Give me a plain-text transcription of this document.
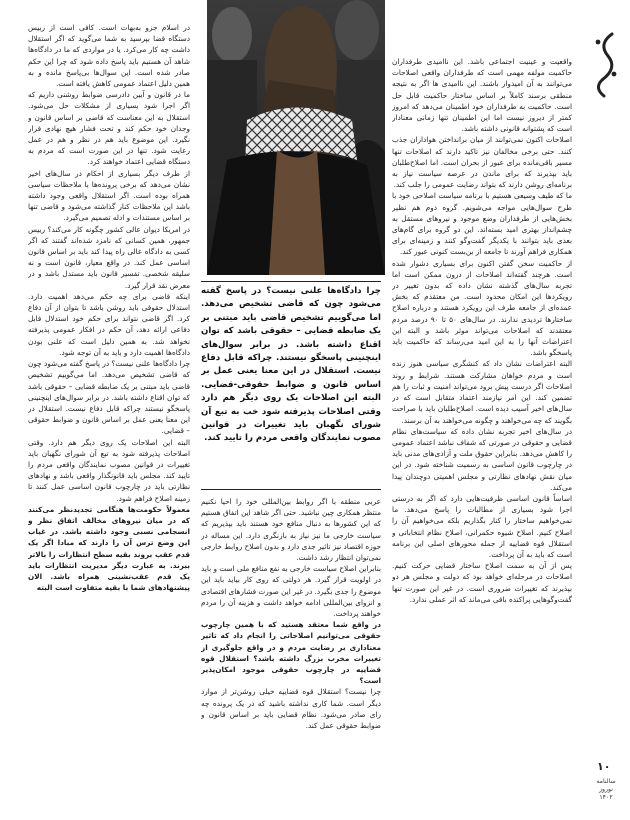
چرا دادگاه‌ها علنی نیست؟ در پاسخ گفته می‌شود چون که قاضی تشخیص می‌دهد. اما می‌گوییم تشخیص قاضی باید مبتنی بر یک ضابطه قضایی – حقوقی باشد که توان اقناع داشته باشد. در برابر سوال‌های اینچنینی پاسخگو نیستند. چراکه قابل دفاع نیست. استقلال در این معنا یعنی عمل بر اساس قانون و ضوابط حقوقی-قضایی. البته این اصلاحات یک روی دیگر هم دارد وقتی اصلاحات پذیرفته شود خب به تبع آن شورای نگهبان باید تغییرات در قوانین مصوب نمایندگان واقعی مردم را تایید کند.

واقعیت و عینیت اجتماعی باشد. این ناامیدی طرفداران حاکمیت مولفه مهمی است که طرفداران واقعی اصلاحات می‌توانند به آن امیدوار باشند. این ناامیدی ها اگر به نتیجه منطقی برسند کاملاً بر اساس ساختار حاکمیت قابل حل است. حاکمیت به طرفداران خود اطمینان می‌دهد که امروز کمتر از دیروز نیست اما این اطمینان تنها زمانی معنادار است که پشتوانه قانونی داشته باشد.

اصلاحات اکنون نمی‌توانند از میان برانداختن هواداران جذب کنند. حتی برخی مخالفان نیز تاکید دارند که اصلاحات تنها مسیر باقی‌مانده برای عبور از بحران است. اما اصلاح‌طلبان باید بپذیرند که برای ماندن در عرصه سیاست نیاز به برنامه‌ای روشن دارند که بتواند رضایت عمومی را جلب کند.

ما که طیف وسیعی هستیم با برنامه سیاست اصلاحی خود با طرح سوال‌هایی مواجه می‌شویم. گروه دوم هم نظیر بخش‌هایی از طرفداران وضع موجود و نیروهای مستقل به چشم‌انداز بهتری امید بسته‌اند. این دو گروه برای گام‌های بعدی باید بتوانند با یکدیگر گفت‌وگو کنند و زمینه‌ای برای همکاری فراهم آورند تا جامعه از بن‌بست کنونی عبور کند.

از حاکمیت سخن گفتن اکنون برای بسیاری دشوار شده است. هرچند گفته‌اند اصلاحات از درون ممکن است اما تجربه سال‌های گذشته نشان داده که بدون تغییر در رویکردها این امکان محدود است. من معتقدم که بخش عمده‌ای از جامعه طرف این رویکرد هستند و درباره اصلاح ساختارها تردیدی ندارند. در سال‌های ۵۰ تا ۹۰ درصد مردم معتقدند که اصلاحات می‌تواند موثر باشد و البته این اعتراضات آنها را به این امید می‌رساند که حاکمیت باید پاسخگو باشد.

البته اعتراضات نشان داد که کنشگری سیاسی هنوز زنده است و مردم خواهان مشارکت هستند. شرایط و روند اصلاحات اگر درست پیش برود می‌تواند امنیت و ثبات را هم تضمین کند. این امر نیازمند اعتماد متقابل است که در سال‌های اخیر آسیب دیده است. اصلاح‌طلبان باید با صراحت بگویند که چه می‌خواهند و چگونه می‌خواهند به آن برسند.

در سال‌های اخیر تجربه نشان داده که سیاست‌های نظام قضایی و حقوقی در صورتی که شفاف نباشد اعتماد عمومی را کاهش می‌دهد. بنابراین حقوق ملت و آزادی‌های مدنی باید در چارچوب قانون اساسی به رسمیت شناخته شود. در این میان نقش نهادهای نظارتی و مجلس اهمیتی دوچندان پیدا می‌کند.

اساساً قانون اساسی ظرفیت‌هایی دارد که اگر به درستی اجرا شود بسیاری از مطالبات را پاسخ می‌دهد. ما نمی‌خواهیم ساختار را کنار بگذاریم بلکه می‌خواهیم آن را اصلاح کنیم. اصلاح شیوه حکمرانی، اصلاح نظام انتخاباتی و استقلال قوه قضاییه از جمله محورهای اصلی این برنامه است که باید به آن پرداخت.

پس از آن به سمت اصلاح ساختار قضایی حرکت کنیم. اصلاحات در مرحله‌ای خواهد بود که دولت و مجلس هر دو بپذیرند که تغییرات ضروری است. در غیر این صورت تنها گفت‌وگوهایی پراکنده باقی می‌ماند که اثر عملی ندارد.

عربی منطقه با اگر روابط بین‌المللی خود را احیا نکنیم منتظر همکاری چین نباشید. حتی اگر شاهد این اتفاق هستیم که این کشورها به دنبال منافع خود هستند باید بپذیریم که سیاست خارجی ما نیز نیاز به بازنگری دارد. این مساله در حوزه اقتصاد نیز تاثیر جدی دارد و بدون اصلاح روابط خارجی نمی‌توان انتظار رشد داشت.

بنابراین اصلاح سیاست خارجی به نفع منافع ملی است و باید در اولویت قرار گیرد. هر دولتی که روی کار بیاید باید این موضوع را جدی بگیرد. در غیر این صورت فشارهای اقتصادی و انزوای بین‌المللی ادامه خواهد داشت و هزینه آن را مردم خواهند پرداخت.

در واقع شما معتقد هستید که با همین چارچوب حقوقی می‌توانیم اصلاحاتی را انجام داد که تاثیر معناداری بر رضایت مردم و در واقع جلوگیری از تغییرات مخرب بزرگ داشته باشد؟ استقلال قوه قضاییه در چارچوب حقوقی موجود امکان‌پذیر است؟

چرا نیست؟ استقلال قوه قضاییه خیلی روشن‌تر از موارد دیگر است. شما کاری نداشته باشید که در یک پرونده چه رای صادر می‌شود. نظام قضایی باید بر اساس قانون و ضوابط حقوقی عمل کند.

در اسلام جزو به‌بهات است. کافی است از رییس دستگاه قضا بپرسید به شما می‌گوید که اگر استقلال داشت چه کار می‌کرد. یا در مواردی که ما در دادگاه‌ها شاهد آن هستیم باید پاسخ داده شود که چرا این حکم صادر شده است. این سوال‌ها بی‌پاسخ مانده و به همین دلیل اعتماد عمومی کاهش یافته است.

ما در قانون و آیین دادرسی ضوابط روشنی داریم که اگر اجرا شود بسیاری از مشکلات حل می‌شود. استقلال به این معناست که قاضی بر اساس قانون و وجدان خود حکم کند و تحت فشار هیچ نهادی قرار نگیرد. این موضوع باید هم در نظر و هم در عمل رعایت شود. تنها در این صورت است که مردم به دستگاه قضایی اعتماد خواهند کرد.

از طرف دیگر بسیاری از احکام در سال‌های اخیر نشان می‌دهد که برخی پرونده‌ها با ملاحظات سیاسی همراه بوده است. اگر استقلال واقعی وجود داشته باشد این ملاحظات کنار گذاشته می‌شود و قاضی تنها بر اساس مستندات و ادله تصمیم می‌گیرد.

در امریکا دیوان عالی کشور چگونه کار می‌کند؟ رییس جمهور، همین کسانی که نامزد شده‌اند گفتند که اگر کسی به دادگاه عالی راه پیدا کند باید بر اساس قانون اساسی عمل کند. در واقع معیار، قانون است و نه سلیقه شخصی. تفسیر قانون باید مستدل باشد و در معرض نقد قرار گیرد.

اینکه قاضی برای چه حکم می‌دهد اهمیت دارد. استدلال حقوقی باید روشن باشد تا بتوان از آن دفاع کرد. اگر قاضی نتواند برای حکم خود استدلال قابل دفاعی ارائه دهد، آن حکم در افکار عمومی پذیرفته نخواهد شد. به همین دلیل است که علنی بودن دادگاه‌ها اهمیت دارد و باید به آن توجه شود.

چرا دادگاه‌ها علنی نیست؟ در پاسخ گفته می‌شود چون که قاضی تشخیص می‌دهد. اما می‌گوییم تشخیص قاضی باید مبتنی بر یک ضابطه قضایی – حقوقی باشد که توان اقناع داشته باشد. در برابر سوال‌های اینچنینی پاسخگو نیستند چراکه قابل دفاع نیست. استقلال در این معنا یعنی عمل بر اساس قانون و ضوابط حقوقی – قضایی.

البته این اصلاحات یک روی دیگر هم دارد. وقتی اصلاحات پذیرفته شود به تبع آن شورای نگهبان باید تغییرات در قوانین مصوب نمایندگان واقعی مردم را تایید کند. مجلس باید قانونگذار واقعی باشد و نهادهای نظارتی باید در چارچوب قانون اساسی عمل کنند تا زمینه اصلاح فراهم شود.

معمولاً حکومت‌ها هنگامی تجدیدنظر می‌کنند که در میان نیروهای مخالف اتفاق نظر و انسجامی نسبی وجود داشته باشد. در غیاب این وضع ترس آن را دارند که مبادا اگر یک قدم عقب بروند بقیه سطح انتظارات را بالاتر ببرند. به عبارت دیگر مدیریت انتظارات باید یک قدم عقب‌نشینی همراه باشد. الان پیشنهادهای شما با بقیه متفاوت است البته

۱۰
سالنامه نوروز ۱۴۰۲
